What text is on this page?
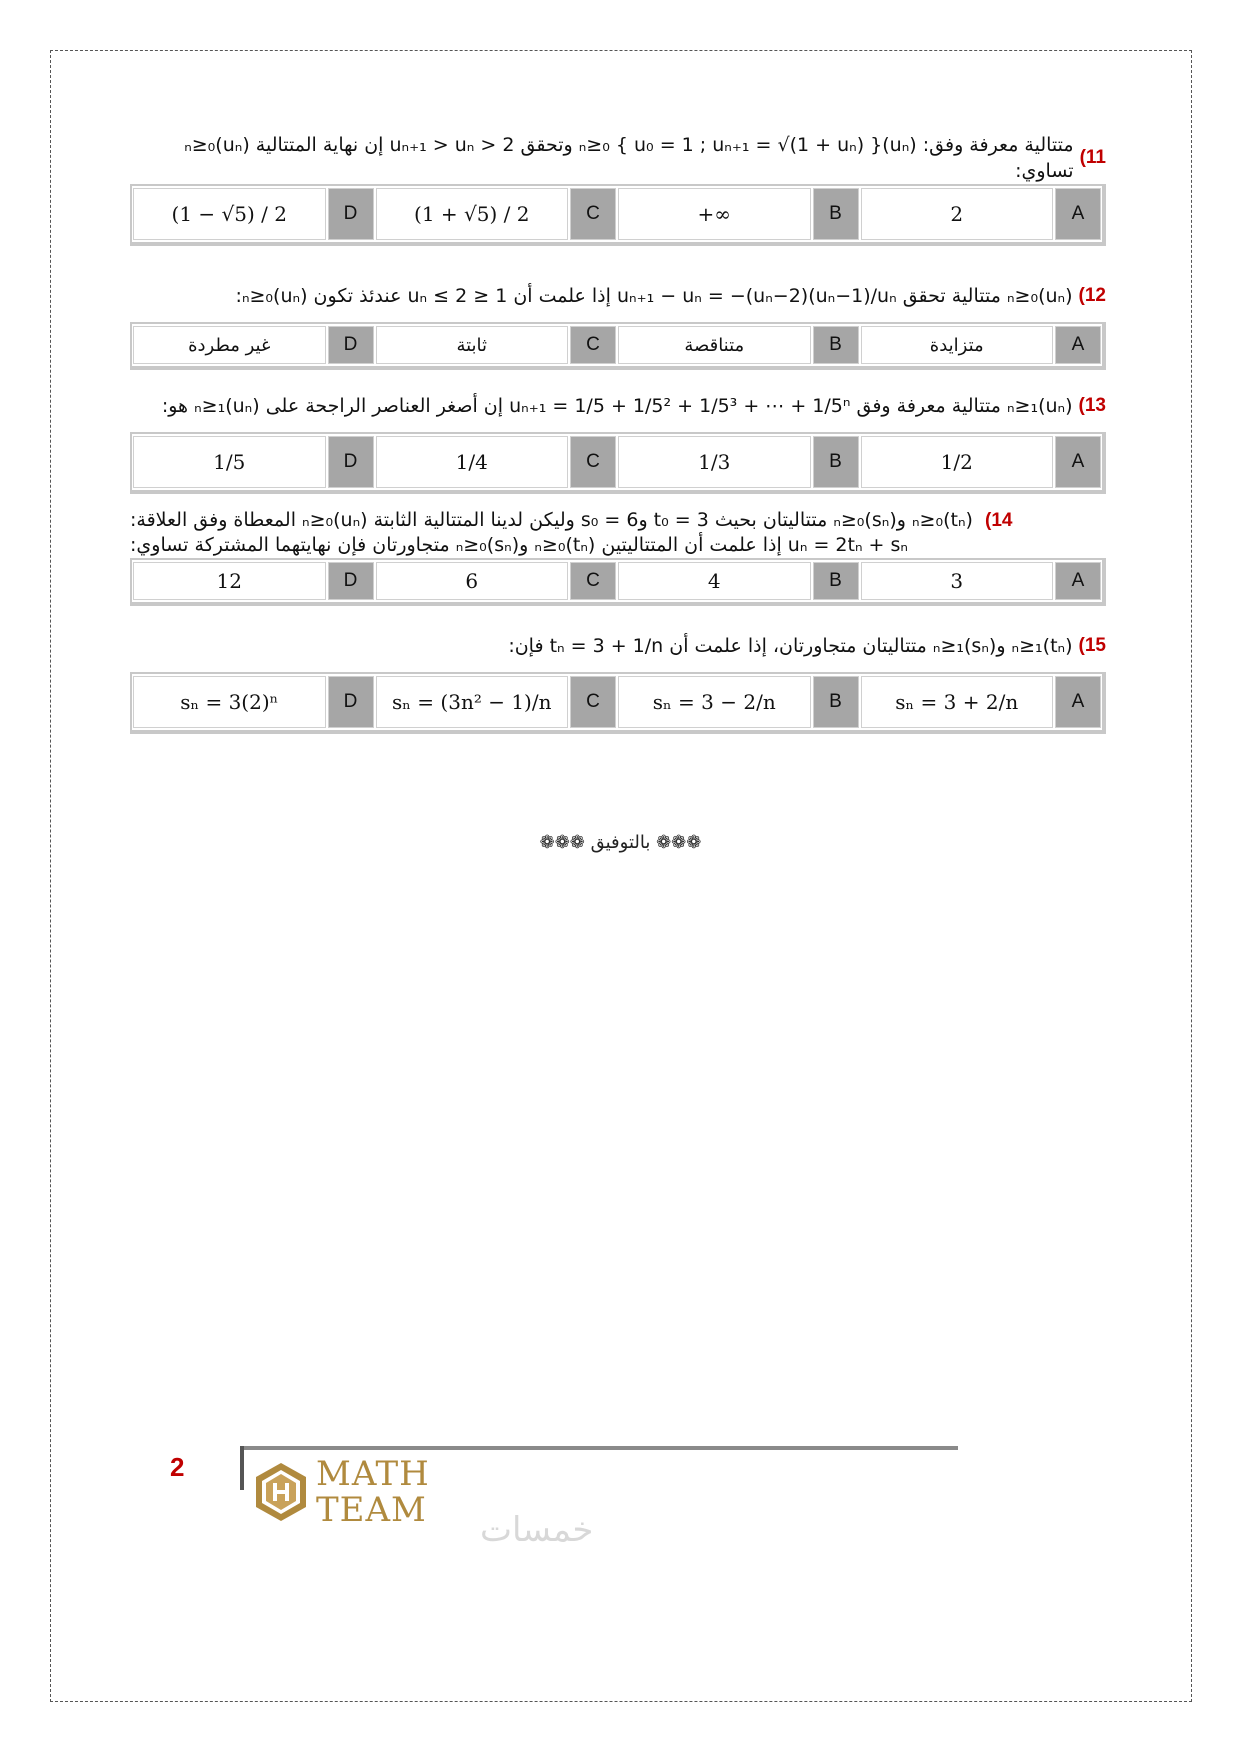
11)
متتالية معرفة وفق: (uₙ)ₙ≥₀ { u₀ = 1 ; uₙ₊₁ = √(1 + uₙ) } وتحقق uₙ₊₁ > uₙ > 2 إن نهاية المتتالية (uₙ)ₙ≥₀ تساوي:
(1 − √5) / 2	D	(1 + √5) / 2	C	+∞	B	2	A
12)
(uₙ)ₙ≥₀ متتالية تحقق uₙ₊₁ − uₙ = −(uₙ−2)(uₙ−1)/uₙ إذا علمت أن 1 ≤ uₙ ≤ 2 عندئذ تكون (uₙ)ₙ≥₀:
غير مطردة	D	ثابتة	C	متناقصة	B	متزايدة	A
13)
(uₙ)ₙ≥₁ متتالية معرفة وفق uₙ₊₁ = 1/5 + 1/5² + 1/5³ + ⋯ + 1/5ⁿ إن أصغر العناصر الراجحة على (uₙ)ₙ≥₁ هو:
1/5	D	1/4	C	1/3	B	1/2	A
14) (tₙ)ₙ≥₀ و(sₙ)ₙ≥₀ متتاليتان بحيث t₀ = 3 وs₀ = 6 وليكن لدينا المتتالية الثابتة (uₙ)ₙ≥₀ المعطاة وفق العلاقة:
uₙ = 2tₙ + sₙ إذا علمت أن المتتاليتين (tₙ)ₙ≥₀ و(sₙ)ₙ≥₀ متجاورتان فإن نهايتهما المشتركة تساوي:
12	D	6	C	4	B	3	A
15)
(tₙ)ₙ≥₁ و(sₙ)ₙ≥₁ متتاليتان متجاورتان، إذا علمت أن tₙ = 3 + 1/n فإن:
sₙ = 3(2)ⁿ	D	sₙ = (3n² − 1)/n	C	sₙ = 3 − 2/n	B	sₙ = 3 + 2/n	A
❁❁❁ بالتوفيق ❁❁❁
2	MATH
TEAM خمسات
